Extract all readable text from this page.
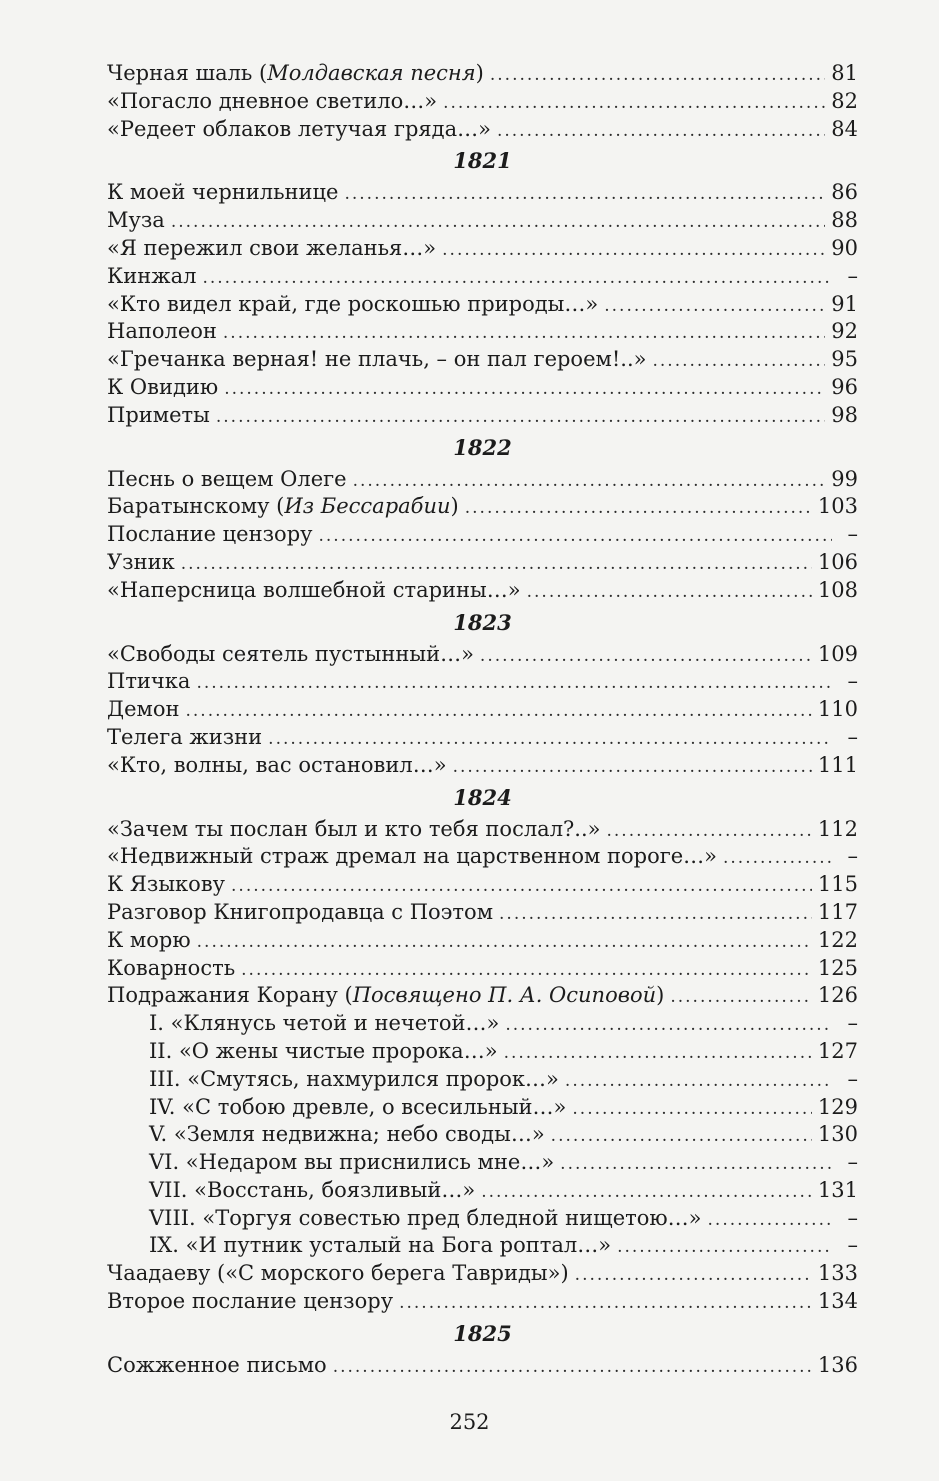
Черная шаль (Молдавская песня) .....	81
«Погасло дневное светило…» .....	82
«Редеет облаков летучая гряда…» .....	84
1821
К моей чернильнице .....	86
Муза .....	88
«Я пережил свои желанья…» .....	90
Кинжал .....	–
«Кто видел край, где роскошью природы…» .....	91
Наполеон .....	92
«Гречанка верная! не плачь, – он пал героем!..» .....	95
К Овидию .....	96
Приметы .....	98
1822
Песнь о вещем Олеге .....	99
Баратынскому (Из Бессарабии) .....	103
Послание цензору .....	–
Узник .....	106
«Наперсница волшебной старины…» .....	108
1823
«Свободы сеятель пустынный…» .....	109
Птичка .....	–
Демон .....	110
Телега жизни .....	–
«Кто, волны, вас остановил…» .....	111
1824
«Зачем ты послан был и кто тебя послал?..» .....	112
«Недвижный страж дремал на царственном пороге…» .....	–
К Языкову .....	115
Разговор Книгопродавца с Поэтом .....	117
К морю .....	122
Коварность .....	125
Подражания Корану (Посвящено П. А. Осиповой) .....	126
I. «Клянусь четой и нечетой…» .....	–
II. «О жены чистые пророка…» .....	127
III. «Смутясь, нахмурился пророк…» .....	–
IV. «С тобою древле, о всесильный…» .....	129
V. «Земля недвижна; небо своды…» .....	130
VI. «Недаром вы приснились мне…» .....	–
VII. «Восстань, боязливый…» .....	131
VIII. «Торгуя совестью пред бледной нищетою…» .....	–
IX. «И путник усталый на Бога роптал…» .....	–
Чаадаеву («С морского берега Тавриды») .....	133
Второе послание цензору .....	134
1825
Сожженное письмо .....	136
252
